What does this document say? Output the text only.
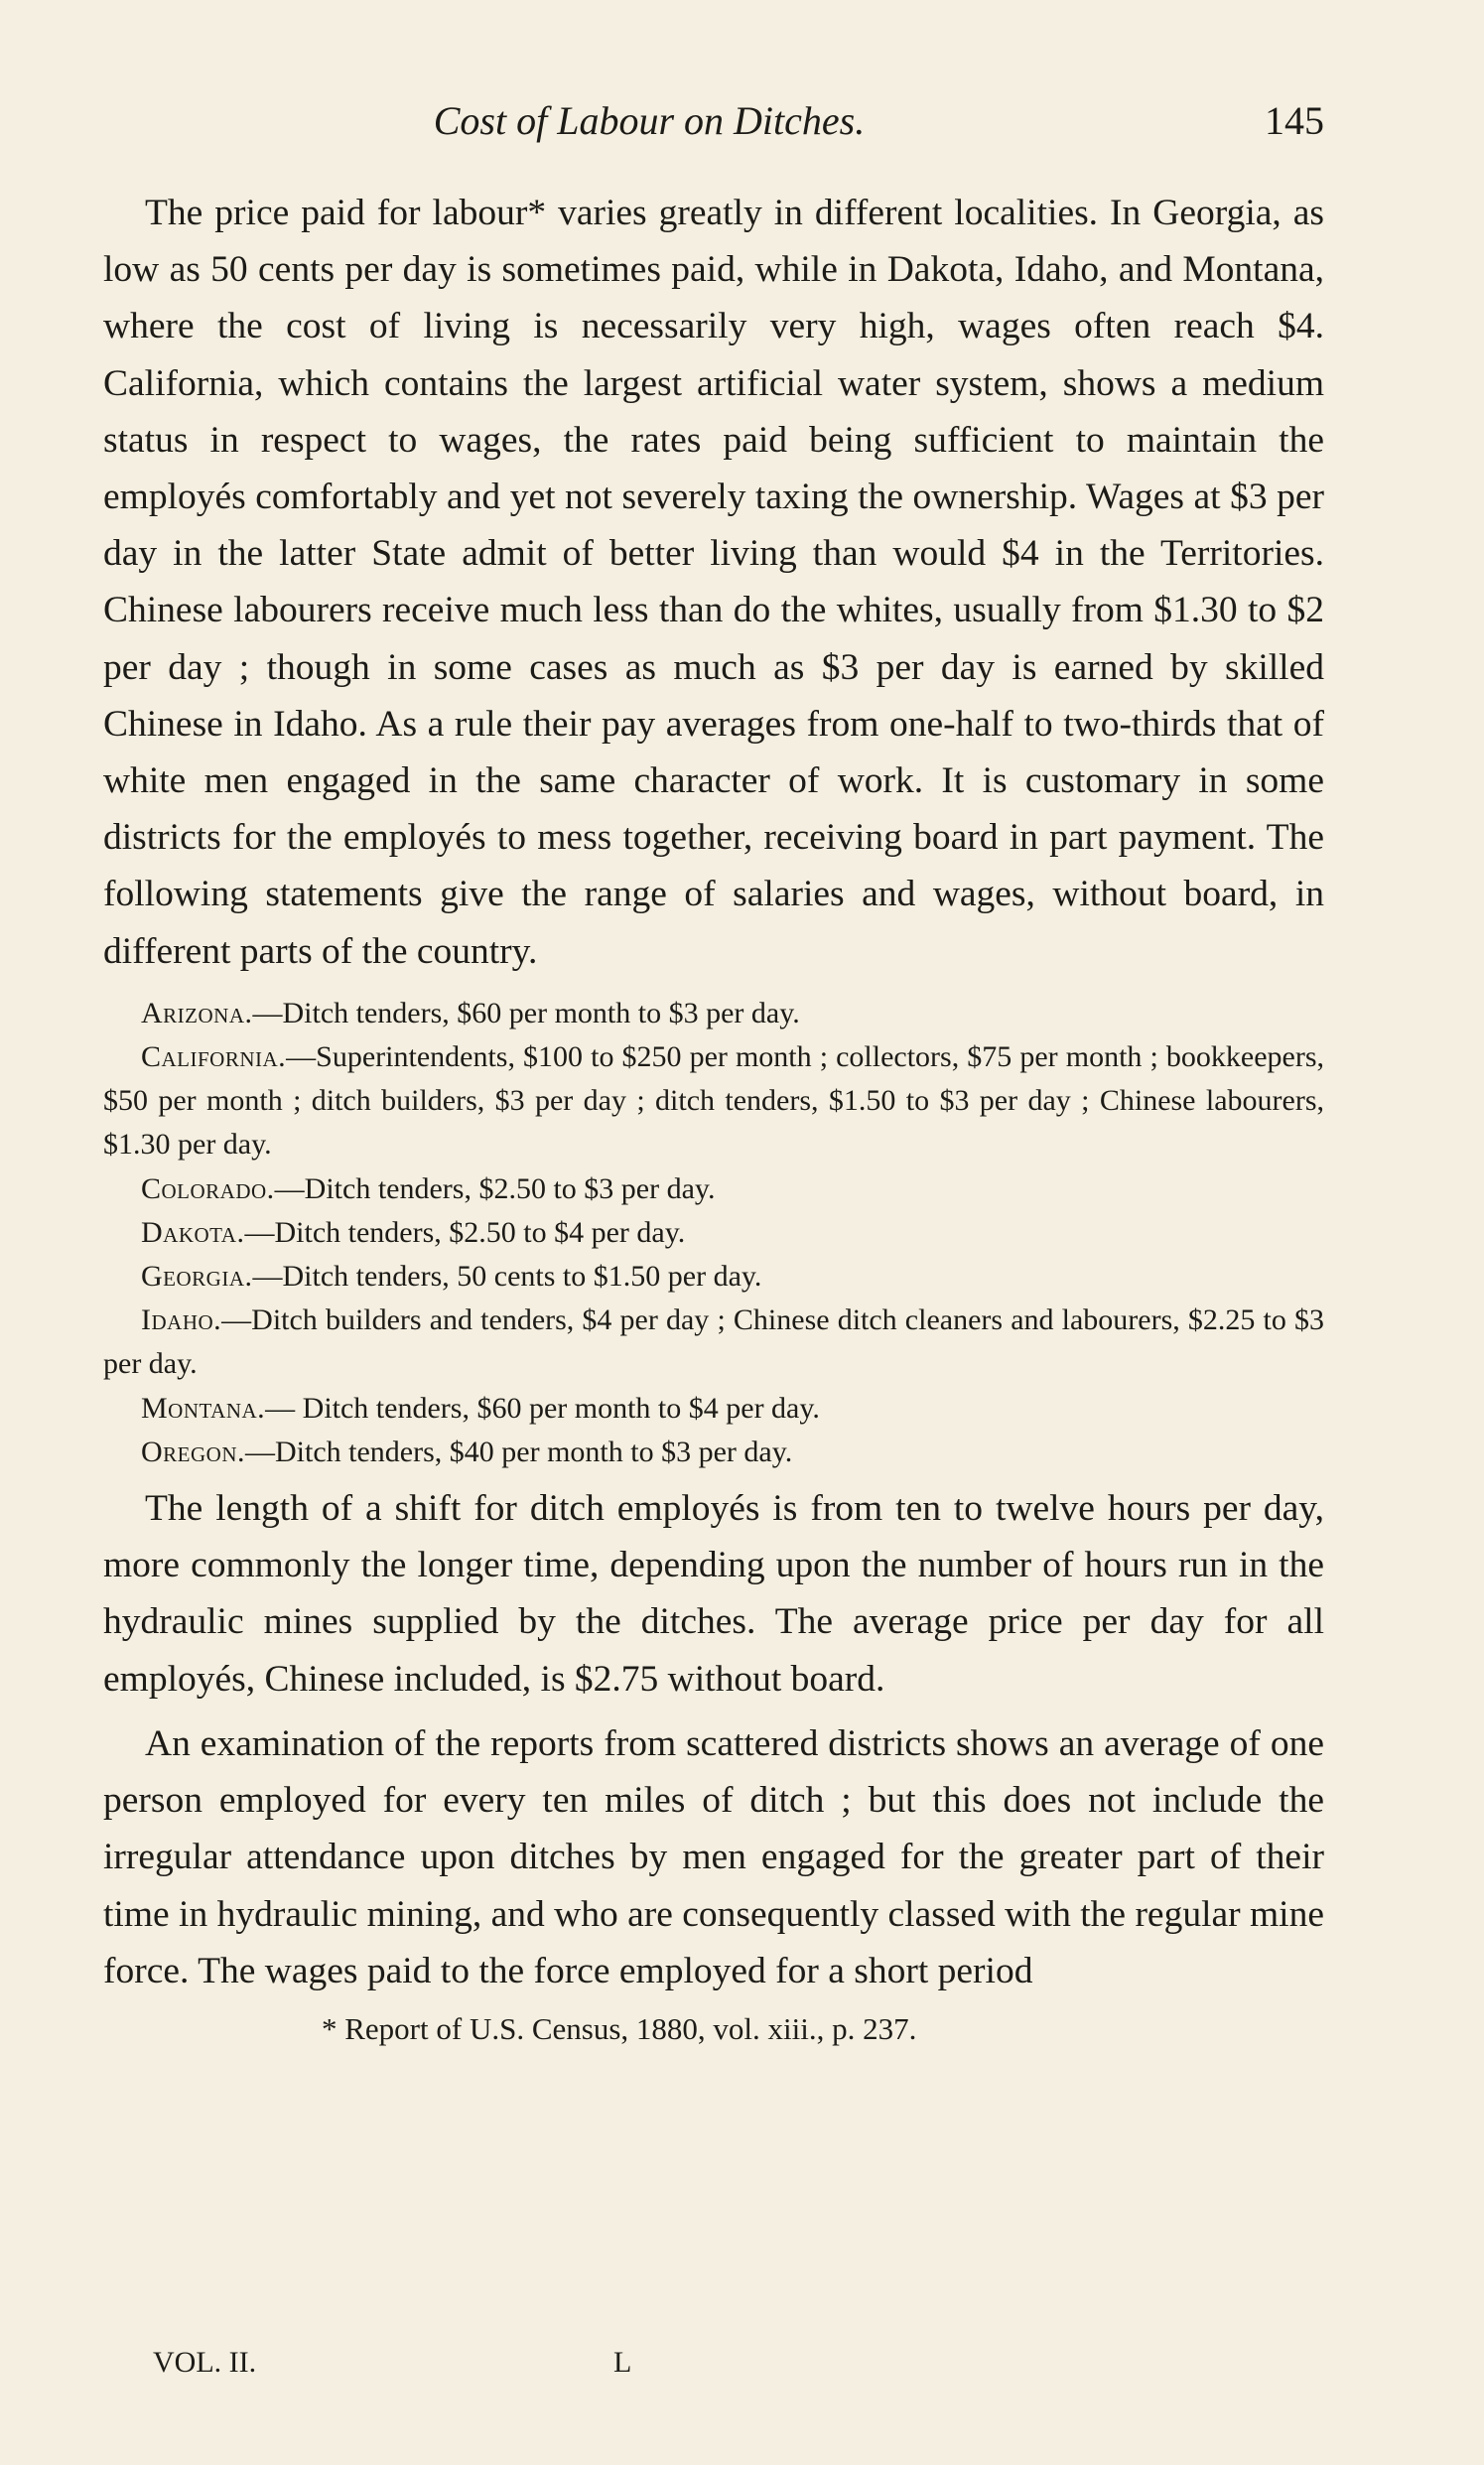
Cost of Labour on Ditches.	145

The price paid for labour* varies greatly in different localities. In Georgia, as low as 50 cents per day is sometimes paid, while in Dakota, Idaho, and Montana, where the cost of living is necessarily very high, wages often reach $4. California, which contains the largest artificial water system, shows a medium status in respect to wages, the rates paid being sufficient to maintain the employés comfortably and yet not severely taxing the ownership. Wages at $3 per day in the latter State admit of better living than would $4 in the Territories. Chinese labourers receive much less than do the whites, usually from $1.30 to $2 per day ; though in some cases as much as $3 per day is earned by skilled Chinese in Idaho. As a rule their pay averages from one-half to two-thirds that of white men engaged in the same character of work. It is customary in some districts for the employés to mess together, receiving board in part payment. The following statements give the range of salaries and wages, without board, in different parts of the country.

Arizona.—Ditch tenders, $60 per month to $3 per day.

California.—Superintendents, $100 to $250 per month ; collectors, $75 per month ; bookkeepers, $50 per month ; ditch builders, $3 per day ; ditch tenders, $1.50 to $3 per day ; Chinese labourers, $1.30 per day.

Colorado.—Ditch tenders, $2.50 to $3 per day.

Dakota.—Ditch tenders, $2.50 to $4 per day.

Georgia.—Ditch tenders, 50 cents to $1.50 per day.

Idaho.—Ditch builders and tenders, $4 per day ; Chinese ditch cleaners and labourers, $2.25 to $3 per day.

Montana.— Ditch tenders, $60 per month to $4 per day.

Oregon.—Ditch tenders, $40 per month to $3 per day.

The length of a shift for ditch employés is from ten to twelve hours per day, more commonly the longer time, depending upon the number of hours run in the hydraulic mines supplied by the ditches. The average price per day for all employés, Chinese included, is $2.75 without board.

An examination of the reports from scattered districts shows an average of one person employed for every ten miles of ditch ; but this does not include the irregular attendance upon ditches by men engaged for the greater part of their time in hydraulic mining, and who are consequently classed with the regular mine force. The wages paid to the force employed for a short period

* Report of U.S. Census, 1880, vol. xiii., p. 237.
VOL. II.	L
